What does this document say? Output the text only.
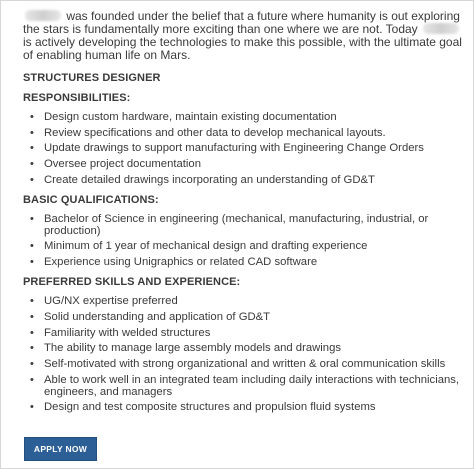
was founded under the belief that a future where humanity is out exploring the stars is fundamentally more exciting than one where we are not. Today  is actively developing the technologies to make this possible, with the ultimate goal of enabling human life on Mars.

STRUCTURES DESIGNER
RESPONSIBILITIES:
• Design custom hardware, maintain existing documentation
• Review specifications and other data to develop mechanical layouts.
• Update drawings to support manufacturing with Engineering Change Orders
• Oversee project documentation
• Create detailed drawings incorporating an understanding of GD&T
BASIC QUALIFICATIONS:
• Bachelor of Science in engineering (mechanical, manufacturing, industrial, or production)
• Minimum of 1 year of mechanical design and drafting experience
• Experience using Unigraphics or related CAD software
PREFERRED SKILLS AND EXPERIENCE:
• UG/NX expertise preferred
• Solid understanding and application of GD&T
• Familiarity with welded structures
• The ability to manage large assembly models and drawings
• Self-motivated with strong organizational and written & oral communication skills
• Able to work well in an integrated team including daily interactions with technicians, engineers, and managers
• Design and test composite structures and propulsion fluid systems
APPLY NOW
